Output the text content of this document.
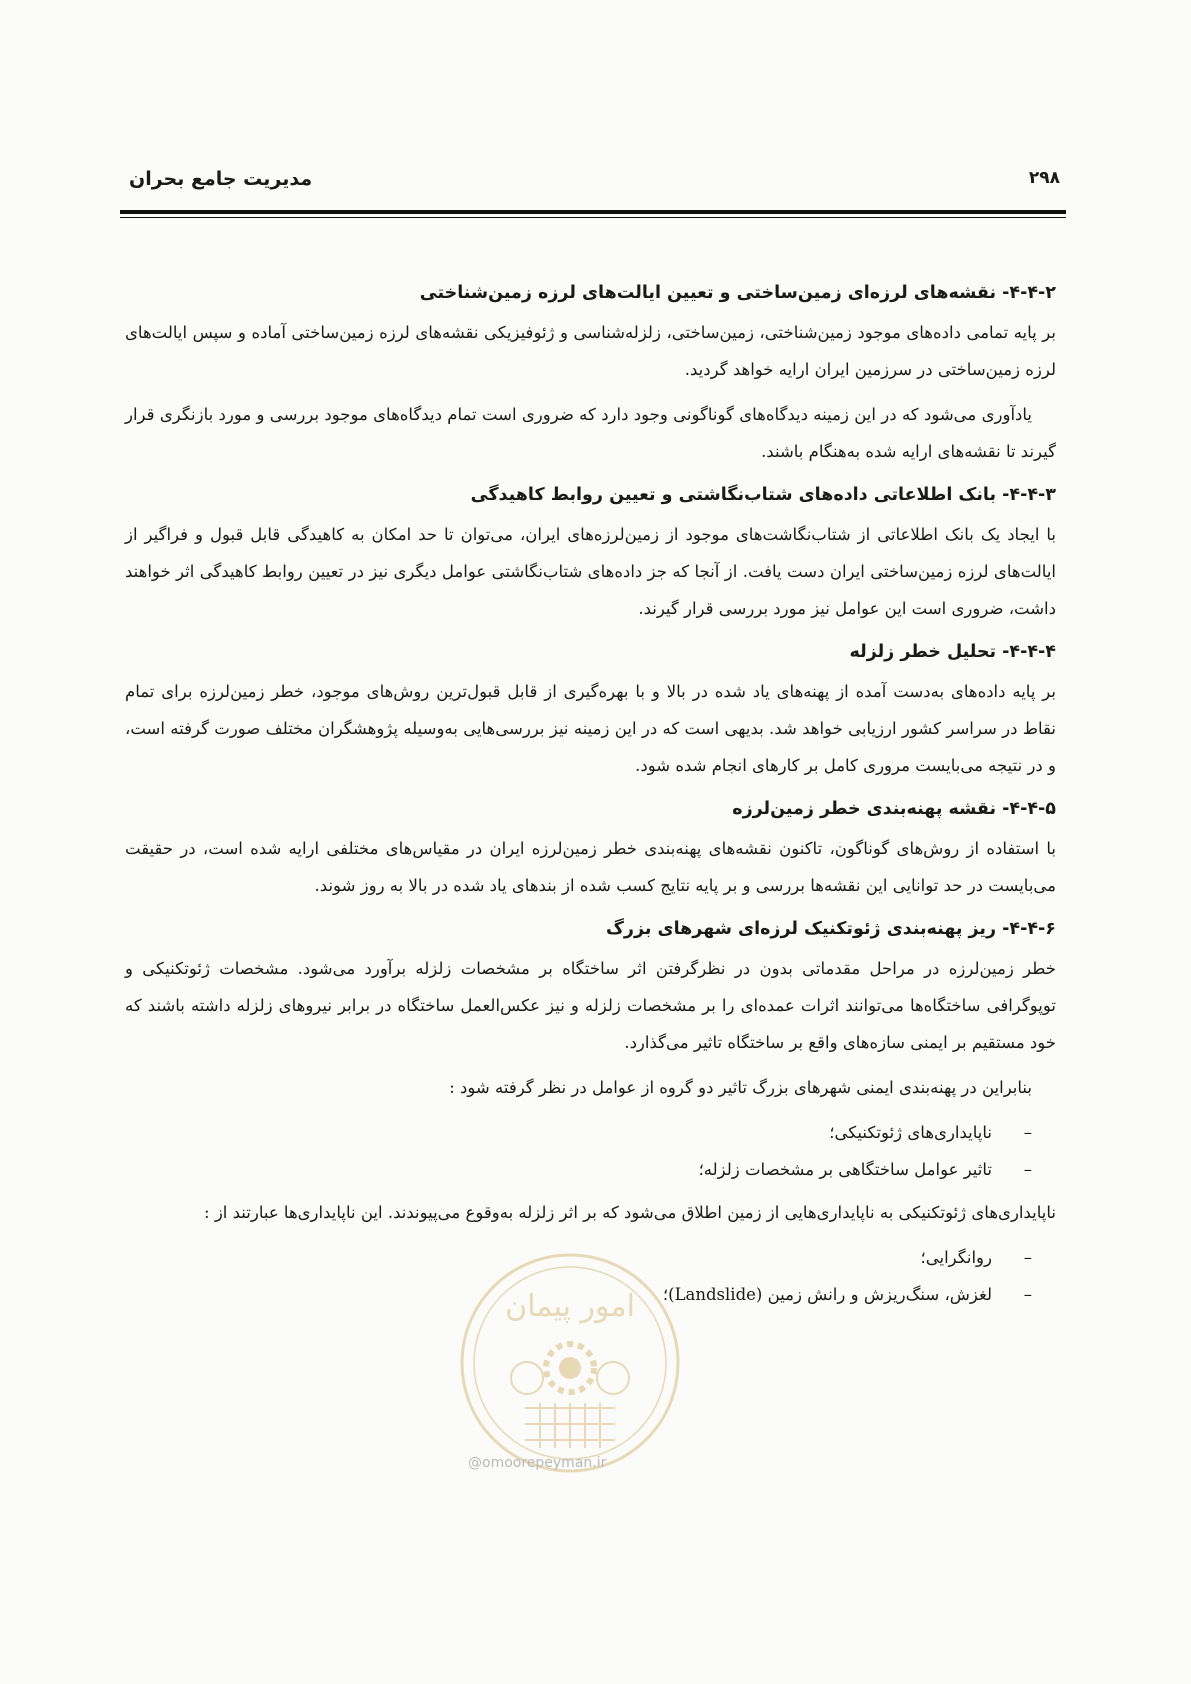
مدیریت جامع بحران	۲۹۸
۴-۴-۲- نقشه‌های لرزه‌ای زمین‌ساختی و تعیین ایالت‌های لرزه زمین‌شناختی

بر پایه تمامی داده‌های موجود زمین‌شناختی، زمین‌ساختی، زلزله‌شناسی و ژئوفیزیکی نقشه‌های لرزه زمین‌ساختی آماده و سپس ایالت‌های لرزه زمین‌ساختی در سرزمین ایران ارایه خواهد گردید.

یادآوری می‌شود که در این زمینه دیدگاه‌های گوناگونی وجود دارد که ضروری است تمام دیدگاه‌های موجود بررسی و مورد بازنگری قرار گیرند تا نقشه‌های ارایه شده به‌هنگام باشند.

۴-۴-۳- بانک اطلاعاتی داده‌های شتاب‌نگاشتی و تعیین روابط کاهیدگی

با ایجاد یک بانک اطلاعاتی از شتاب‌نگاشت‌های موجود از زمین‌لرزه‌های ایران، می‌توان تا حد امکان به کاهیدگی قابل قبول و فراگیر از ایالت‌های لرزه زمین‌ساختی ایران دست یافت. از آنجا که جز داده‌های شتاب‌نگاشتی عوامل دیگری نیز در تعیین روابط کاهیدگی اثر خواهند داشت، ضروری است این عوامل نیز مورد بررسی قرار گیرند.

۴-۴-۴- تحلیل خطر زلزله

بر پایه داده‌های به‌دست آمده از پهنه‌های یاد شده در بالا و با بهره‌گیری از قابل قبول‌ترین روش‌های موجود، خطر زمین‌لرزه برای تمام نقاط در سراسر کشور ارزیابی خواهد شد. بدیهی است که در این زمینه نیز بررسی‌هایی به‌وسیله پژوهشگران مختلف صورت گرفته است، و در نتیجه می‌بایست مروری کامل بر کارهای انجام شده شود.

۴-۴-۵- نقشه پهنه‌بندی خطر زمین‌لرزه

با استفاده از روش‌های گوناگون، تاکنون نقشه‌های پهنه‌بندی خطر زمین‌لرزه ایران در مقیاس‌های مختلفی ارایه شده است، در حقیقت می‌بایست در حد توانایی این نقشه‌ها بررسی و بر پایه نتایج کسب شده از بندهای یاد شده در بالا به روز شوند.

۴-۴-۶- ریز پهنه‌بندی ژئوتکنیک لرزه‌ای شهرهای بزرگ

خطر زمین‌لرزه در مراحل مقدماتی بدون در نظرگرفتن اثر ساختگاه بر مشخصات زلزله برآورد می‌شود. مشخصات ژئوتکنیکی و توپوگرافی ساختگاه‌ها می‌توانند اثرات عمده‌ای را بر مشخصات زلزله و نیز عکس‌العمل ساختگاه در برابر نیروهای زلزله داشته باشند که خود مستقیم بر ایمنی سازه‌های واقع بر ساختگاه تاثیر می‌گذارد.

بنابراین در پهنه‌بندی ایمنی شهرهای بزرگ تاثیر دو گروه از عوامل در نظر گرفته شود :

–
ناپایداری‌های ژئوتکنیکی؛
–
تاثیر عوامل ساختگاهی بر مشخصات زلزله؛

ناپایداری‌های ژئوتکنیکی به ناپایداری‌هایی از زمین اطلاق می‌شود که بر اثر زلزله به‌وقوع می‌پیوندند. این ناپایداری‌ها عبارتند از :

–
روانگرایی؛
–
لغزش، سنگ‌ریزش و رانش زمین (Landslide)؛
امور پیمان
@omoorepeyman.ir
